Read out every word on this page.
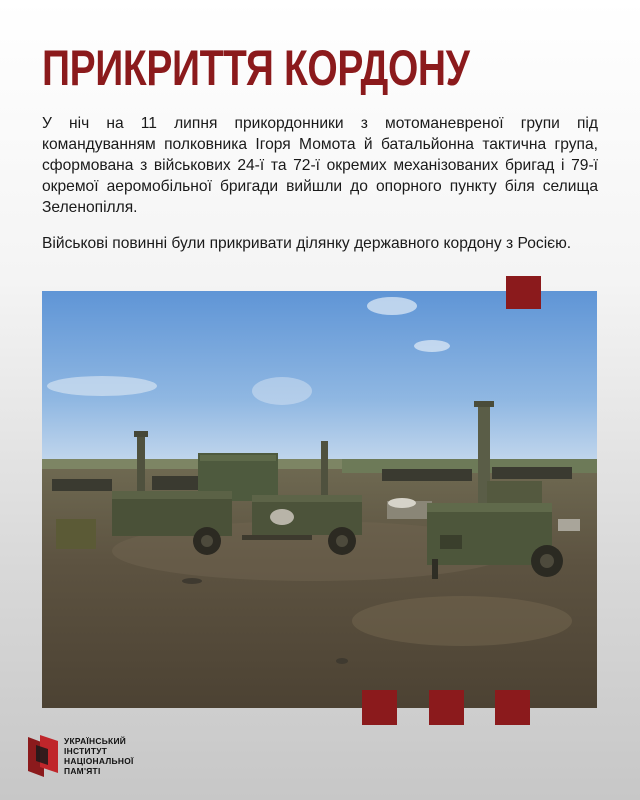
ПРИКРИТТЯ КОРДОНУ

У ніч на 11 липня прикордонники з мотоманевреної групи під командуванням полковника Ігоря Момота й батальйонна тактична група, сформована з військових 24-ї та 72-ї окремих механізованих бригад і 79-ї окремої аеромобільної бригади вийшли до опорного пункту біля селища Зеленопілля.

Військові повинні були прикривати ділянку державного кордону з Росією.

УКРАЇНСЬКИЙ
ІНСТИТУТ
НАЦІОНАЛЬНОЇ
ПАМ'ЯТІ
